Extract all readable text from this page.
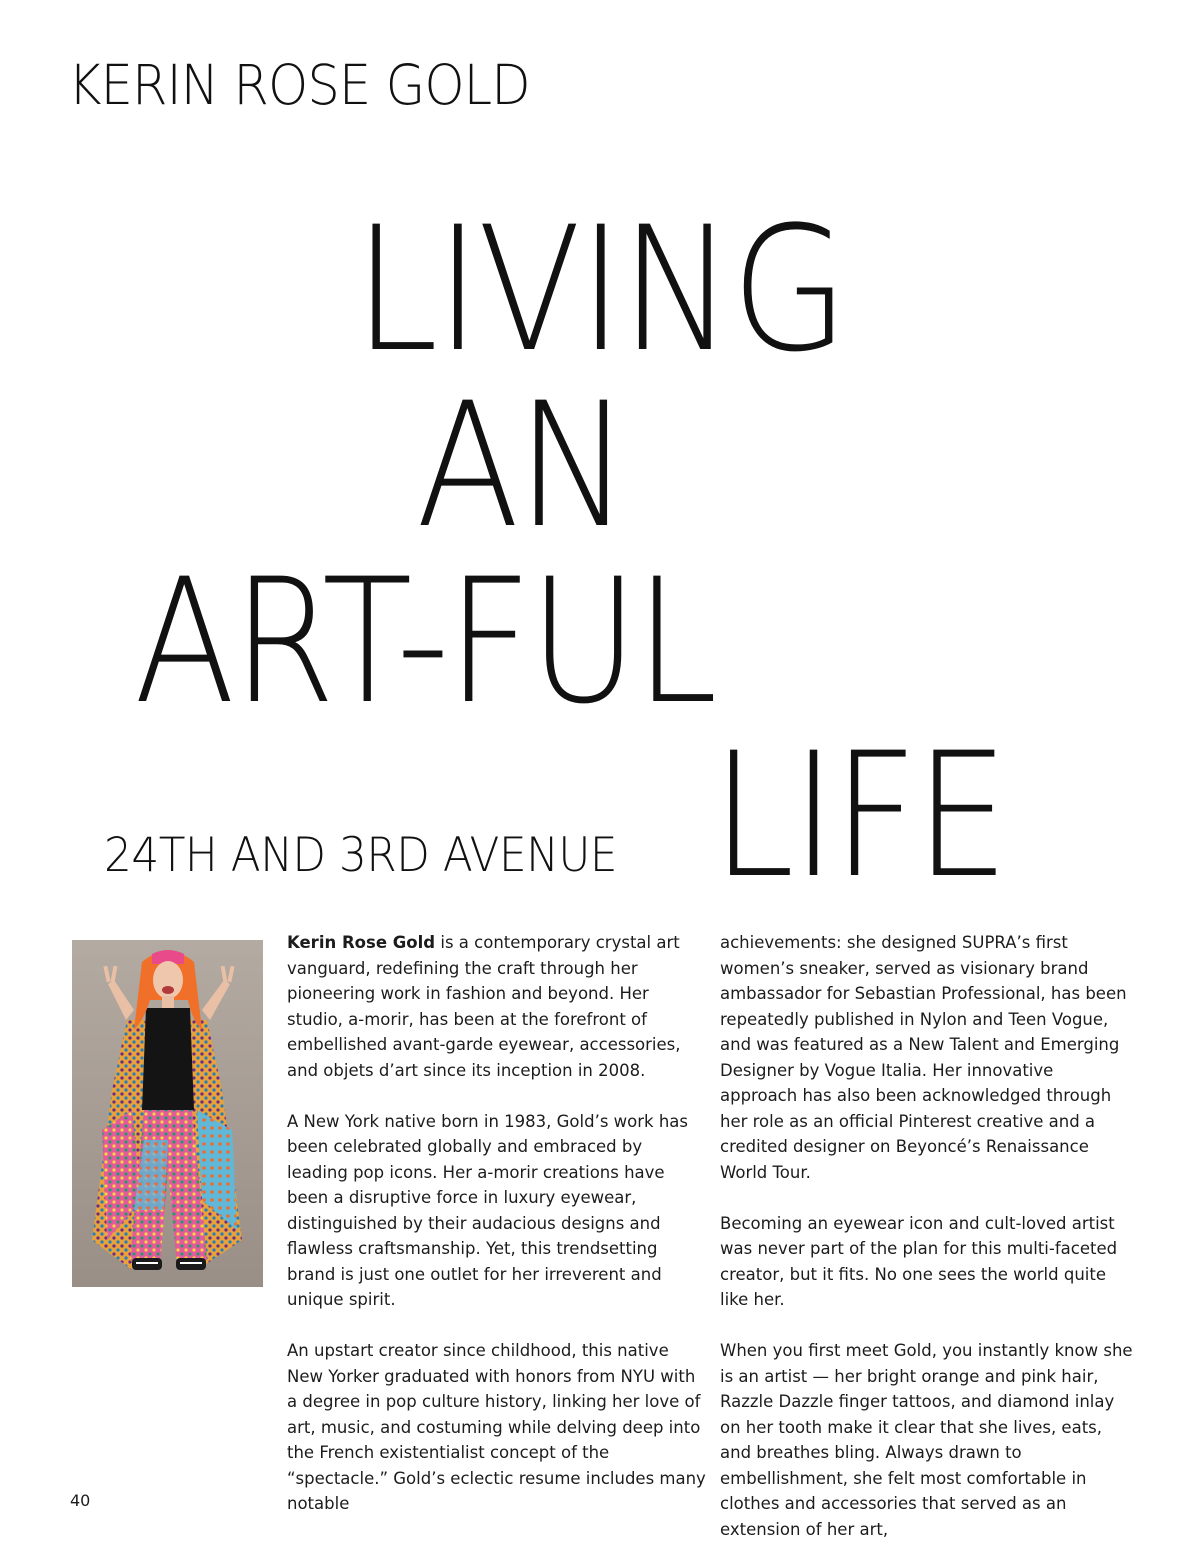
KERIN ROSE GOLD
LIVING
AN
ART-FUL
LIFE
24TH AND 3RD AVENUE

Kerin Rose Gold is a contemporary crystal art vanguard, redefining the craft through her pioneering work in fashion and beyond. Her studio, a-morir, has been at the forefront of embellished avant-garde eyewear, accessories, and objets d’art since its inception in 2008.

A New York native born in 1983, Gold’s work has been celebrated globally and embraced by leading pop icons. Her a-morir creations have been a disruptive force in luxury eyewear, distinguished by their audacious designs and flawless craftsmanship. Yet, this trendsetting brand is just one outlet for her irreverent and unique spirit.

An upstart creator since childhood, this native New Yorker graduated with honors from NYU with a degree in pop culture history, linking her love of art, music, and costuming while delving deep into the French existentialist concept of the “spectacle.” Gold’s eclectic resume includes many notable

achievements: she designed SUPRA’s first women’s sneaker, served as visionary brand ambassador for Sebastian Professional, has been repeatedly published in Nylon and Teen Vogue, and was featured as a New Talent and Emerging Designer by Vogue Italia. Her innovative approach has also been acknowledged through her role as an official Pinterest creative and a credited designer on Beyoncé’s Renaissance World Tour.

Becoming an eyewear icon and cult-loved artist was never part of the plan for this multi-faceted creator, but it fits. No one sees the world quite like her.

When you first meet Gold, you instantly know she is an artist — her bright orange and pink hair, Razzle Dazzle finger tattoos, and diamond inlay on her tooth make it clear that she lives, eats, and breathes bling. Always drawn to embellishment, she felt most comfortable in clothes and accessories that served as an extension of her art,

40
